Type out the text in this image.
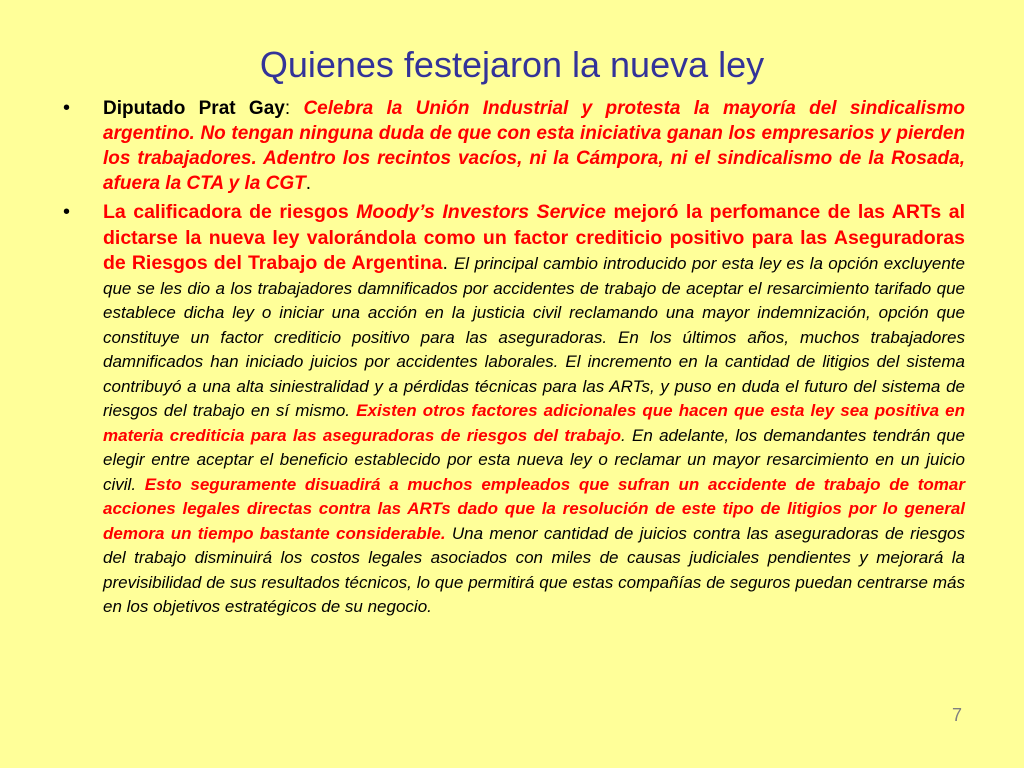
Quienes festejaron la nueva ley
• Diputado Prat Gay: Celebra la Unión Industrial y protesta la mayoría del sindicalismo argentino. No tengan ninguna duda de que con esta iniciativa ganan los empresarios y pierden los trabajadores. Adentro los recintos vacíos, ni la Cámpora, ni el sindicalismo de la Rosada, afuera la CTA y la CGT.
• La calificadora de riesgos Moody’s Investors Service mejoró la perfomance de las ARTs al dictarse la nueva ley valorándola como un factor crediticio positivo para las Aseguradoras de Riesgos del Trabajo de Argentina. El principal cambio introducido por esta ley es la opción excluyente que se les dio a los trabajadores damnificados por accidentes de trabajo de aceptar el resarcimiento tarifado que establece dicha ley o iniciar una acción en la justicia civil reclamando una mayor indemnización, opción que constituye un factor crediticio positivo para las aseguradoras. En los últimos años, muchos trabajadores damnificados han iniciado juicios por accidentes laborales. El incremento en la cantidad de litigios del sistema contribuyó a una alta siniestralidad y a pérdidas técnicas para las ARTs, y puso en duda el futuro del sistema de riesgos del trabajo en sí mismo. Existen otros factores adicionales que hacen que esta ley sea positiva en materia crediticia para las aseguradoras de riesgos del trabajo. En adelante, los demandantes tendrán que elegir entre aceptar el beneficio establecido por esta nueva ley o reclamar un mayor resarcimiento en un juicio civil. Esto seguramente disuadirá a muchos empleados que sufran un accidente de trabajo de tomar acciones legales directas contra las ARTs dado que la resolución de este tipo de litigios por lo general demora un tiempo bastante considerable. Una menor cantidad de juicios contra las aseguradoras de riesgos del trabajo disminuirá los costos legales asociados con miles de causas judiciales pendientes y mejorará la previsibilidad de sus resultados técnicos, lo que permitirá que estas compañías de seguros puedan centrarse más en los objetivos estratégicos de su negocio.
7
